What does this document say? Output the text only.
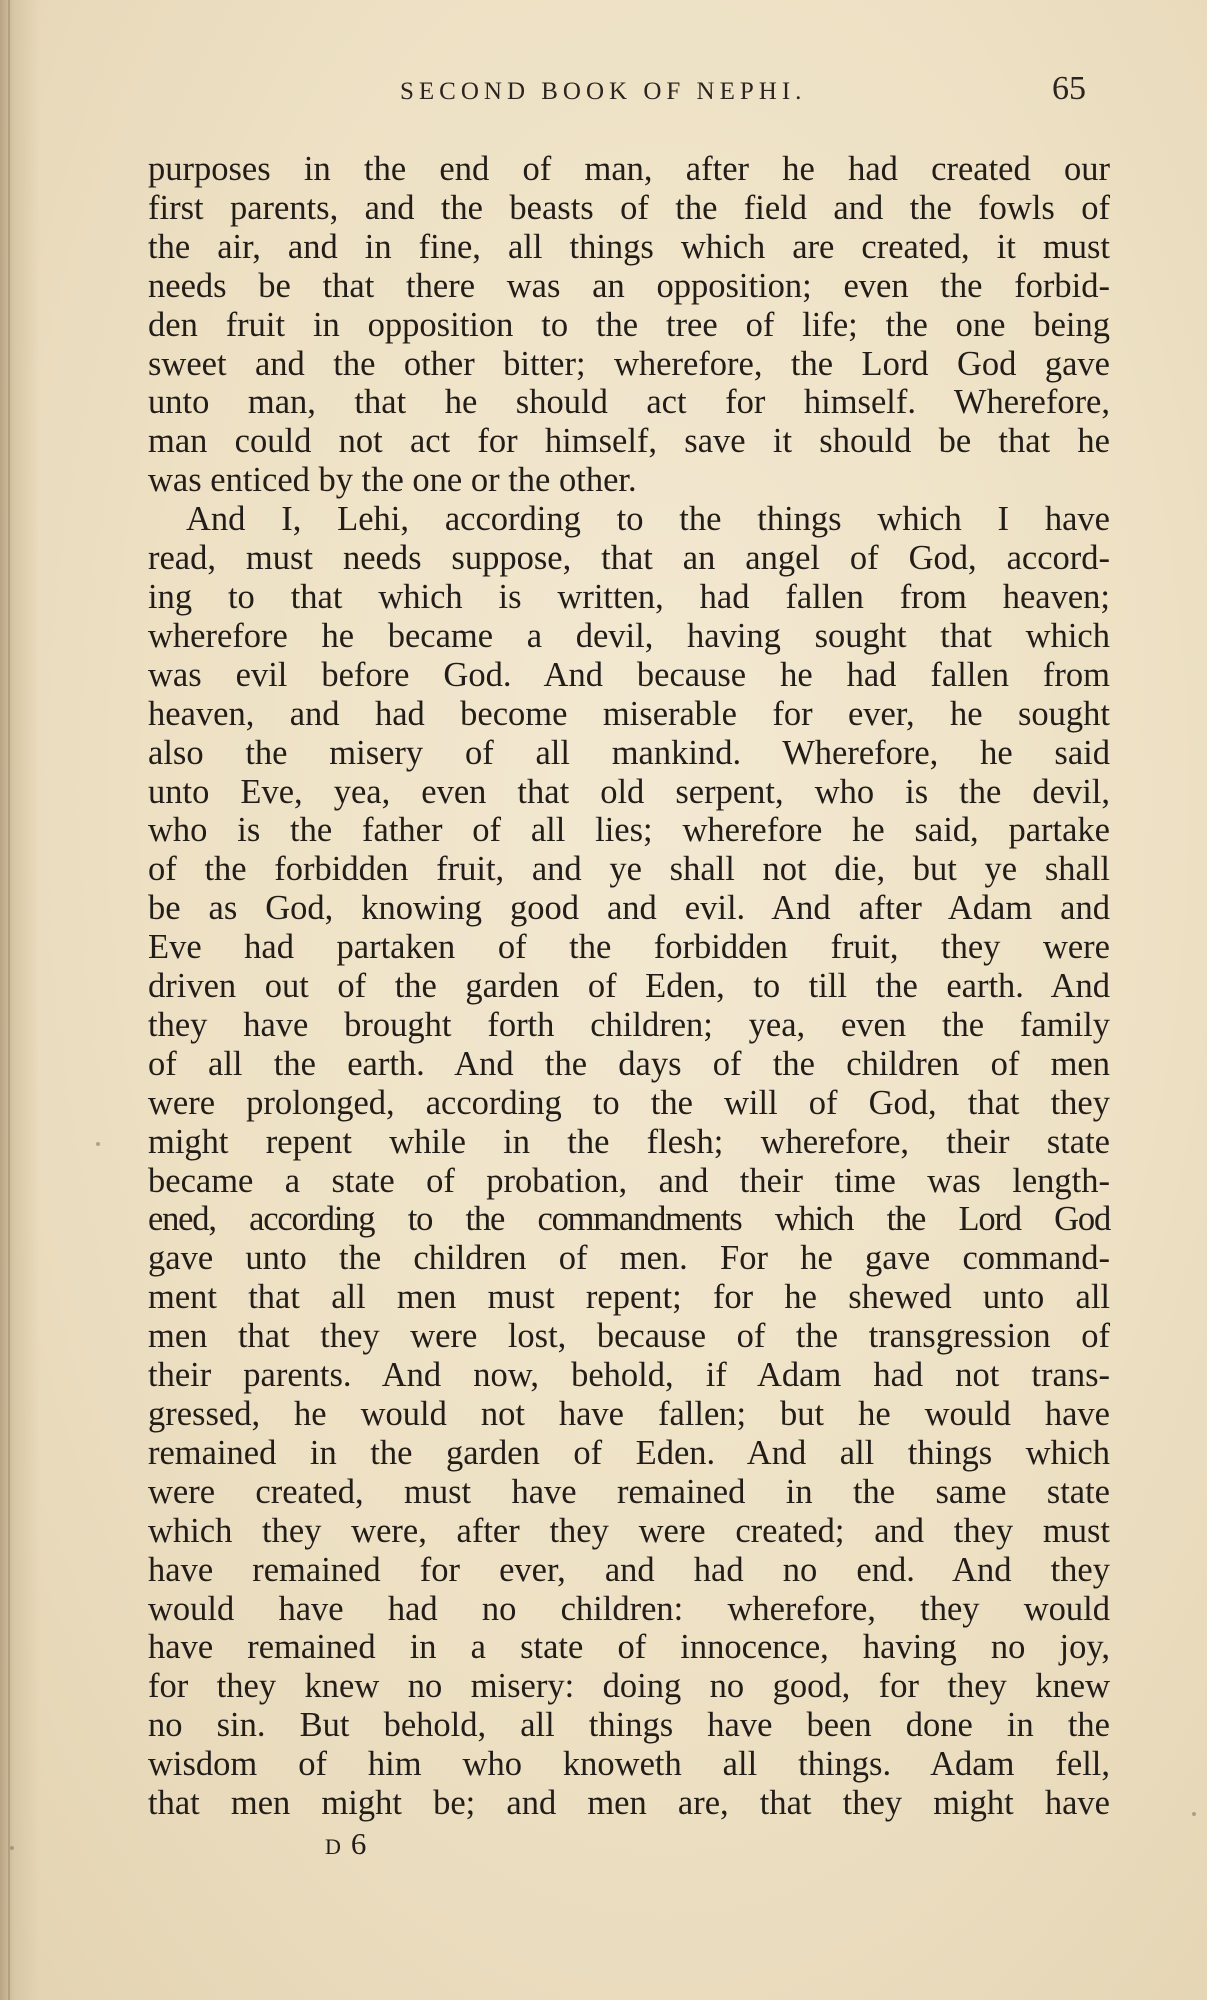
SECOND BOOK OF NEPHI.	65
purposes in the end of man, after he had created our
first parents, and the beasts of the field and the fowls of
the air, and in fine, all things which are created, it must
needs be that there was an opposition; even the forbid-
den fruit in opposition to the tree of life; the one being
sweet and the other bitter; wherefore, the Lord God gave
unto man, that he should act for himself. Wherefore,
man could not act for himself, save it should be that he
was enticed by the one or the other.
And I, Lehi, according to the things which I have
read, must needs suppose, that an angel of God, accord-
ing to that which is written, had fallen from heaven;
wherefore he became a devil, having sought that which
was evil before God. And because he had fallen from
heaven, and had become miserable for ever, he sought
also the misery of all mankind. Wherefore, he said
unto Eve, yea, even that old serpent, who is the devil,
who is the father of all lies; wherefore he said, partake
of the forbidden fruit, and ye shall not die, but ye shall
be as God, knowing good and evil. And after Adam and
Eve had partaken of the forbidden fruit, they were
driven out of the garden of Eden, to till the earth. And
they have brought forth children; yea, even the family
of all the earth. And the days of the children of men
were prolonged, according to the will of God, that they
might repent while in the flesh; wherefore, their state
became a state of probation, and their time was length-
ened, according to the commandments which the Lord God
gave unto the children of men. For he gave command-
ment that all men must repent; for he shewed unto all
men that they were lost, because of the transgression of
their parents. And now, behold, if Adam had not trans-
gressed, he would not have fallen; but he would have
remained in the garden of Eden. And all things which
were created, must have remained in the same state
which they were, after they were created; and they must
have remained for ever, and had no end. And they
would have had no children: wherefore, they would
have remained in a state of innocence, having no joy,
for they knew no misery: doing no good, for they knew
no sin. But behold, all things have been done in the
wisdom of him who knoweth all things. Adam fell,
that men might be; and men are, that they might have
D 6
